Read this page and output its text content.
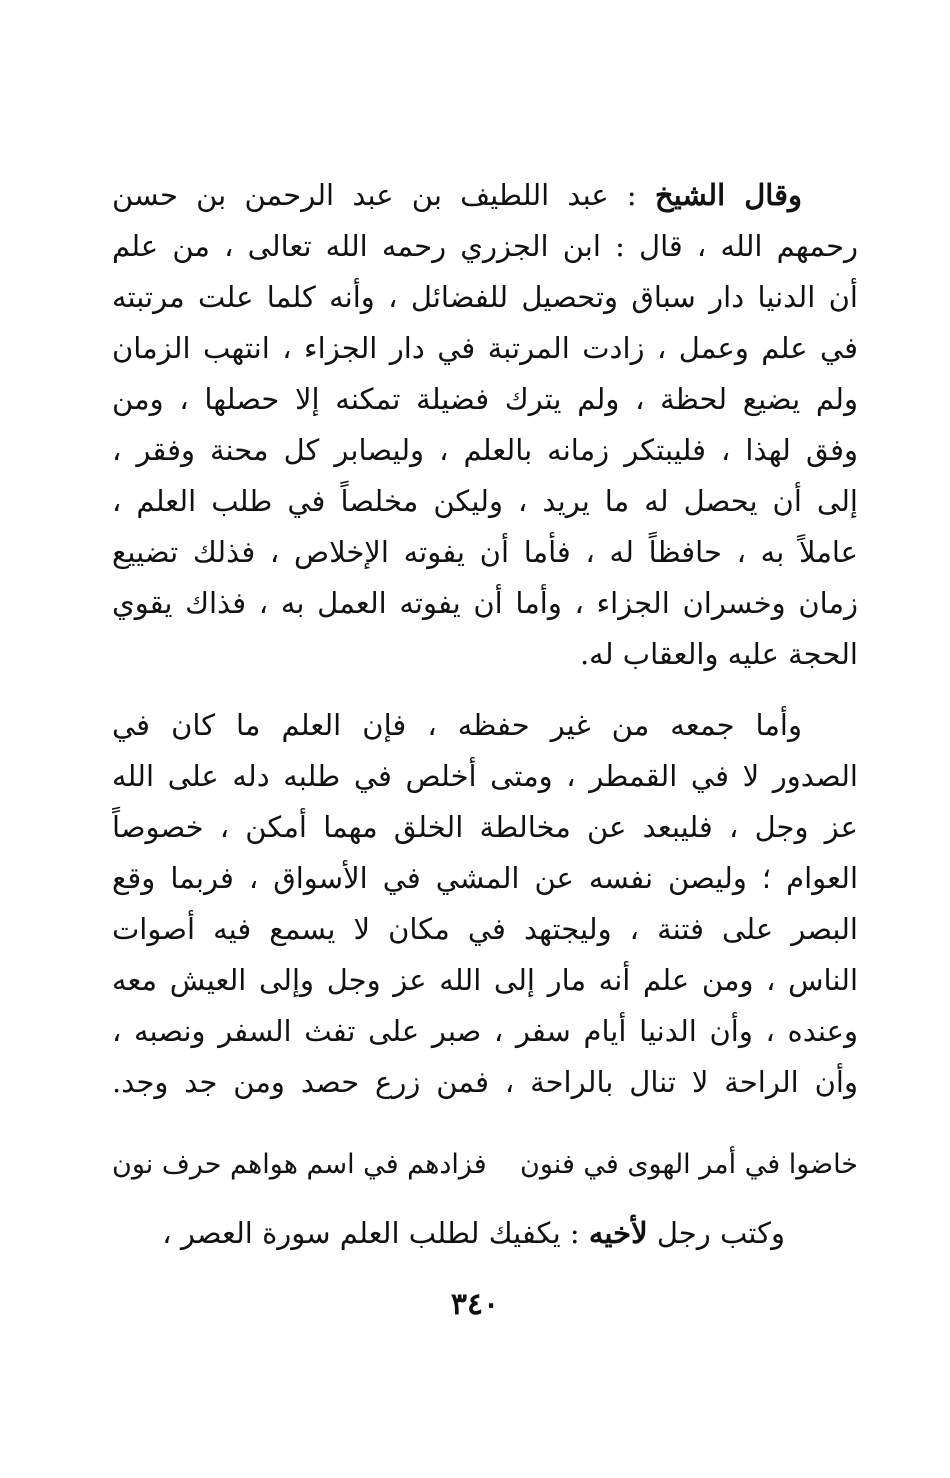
وقال الشيخ : عبد اللطيف بن عبد الرحمن بن حسن
رحمهم الله ، قال : ابن الجزري رحمه الله تعالى ، من علم
أن الدنيا دار سباق وتحصيل للفضائل ، وأنه كلما علت مرتبته
في علم وعمل ، زادت المرتبة في دار الجزاء ، انتهب الزمان
ولم يضيع لحظة ، ولم يترك فضيلة تمكنه إلا حصلها ، ومن
وفق لهذا ، فليبتكر زمانه بالعلم ، وليصابر كل محنة وفقر ،
إلى أن يحصل له ما يريد ، وليكن مخلصاً في طلب العلم ،
عاملاً به ، حافظاً له ، فأما أن يفوته الإخلاص ، فذلك تضييع
زمان وخسران الجزاء ، وأما أن يفوته العمل به ، فذاك يقوي
الحجة عليه والعقاب له.
وأما جمعه من غير حفظه ، فإن العلم ما كان في
الصدور لا في القمطر ، ومتى أخلص في طلبه دله على الله
عز وجل ، فليبعد عن مخالطة الخلق مهما أمكن ، خصوصاً
العوام ؛ وليصن نفسه عن المشي في الأسواق ، فربما وقع
البصر على فتنة ، وليجتهد في مكان لا يسمع فيه أصوات
الناس ، ومن علم أنه مار إلى الله عز وجل وإلى العيش معه
وعنده ، وأن الدنيا أيام سفر ، صبر على تفث السفر ونصبه ،
وأن الراحة لا تنال بالراحة ، فمن زرع حصد ومن جد وجد.
خاضوا في أمر الهوى في فنون
فزادهم في اسم هواهم حرف نون
وكتب رجل لأخيه : يكفيك لطلب العلم سورة العصر ،
٣٤٠
